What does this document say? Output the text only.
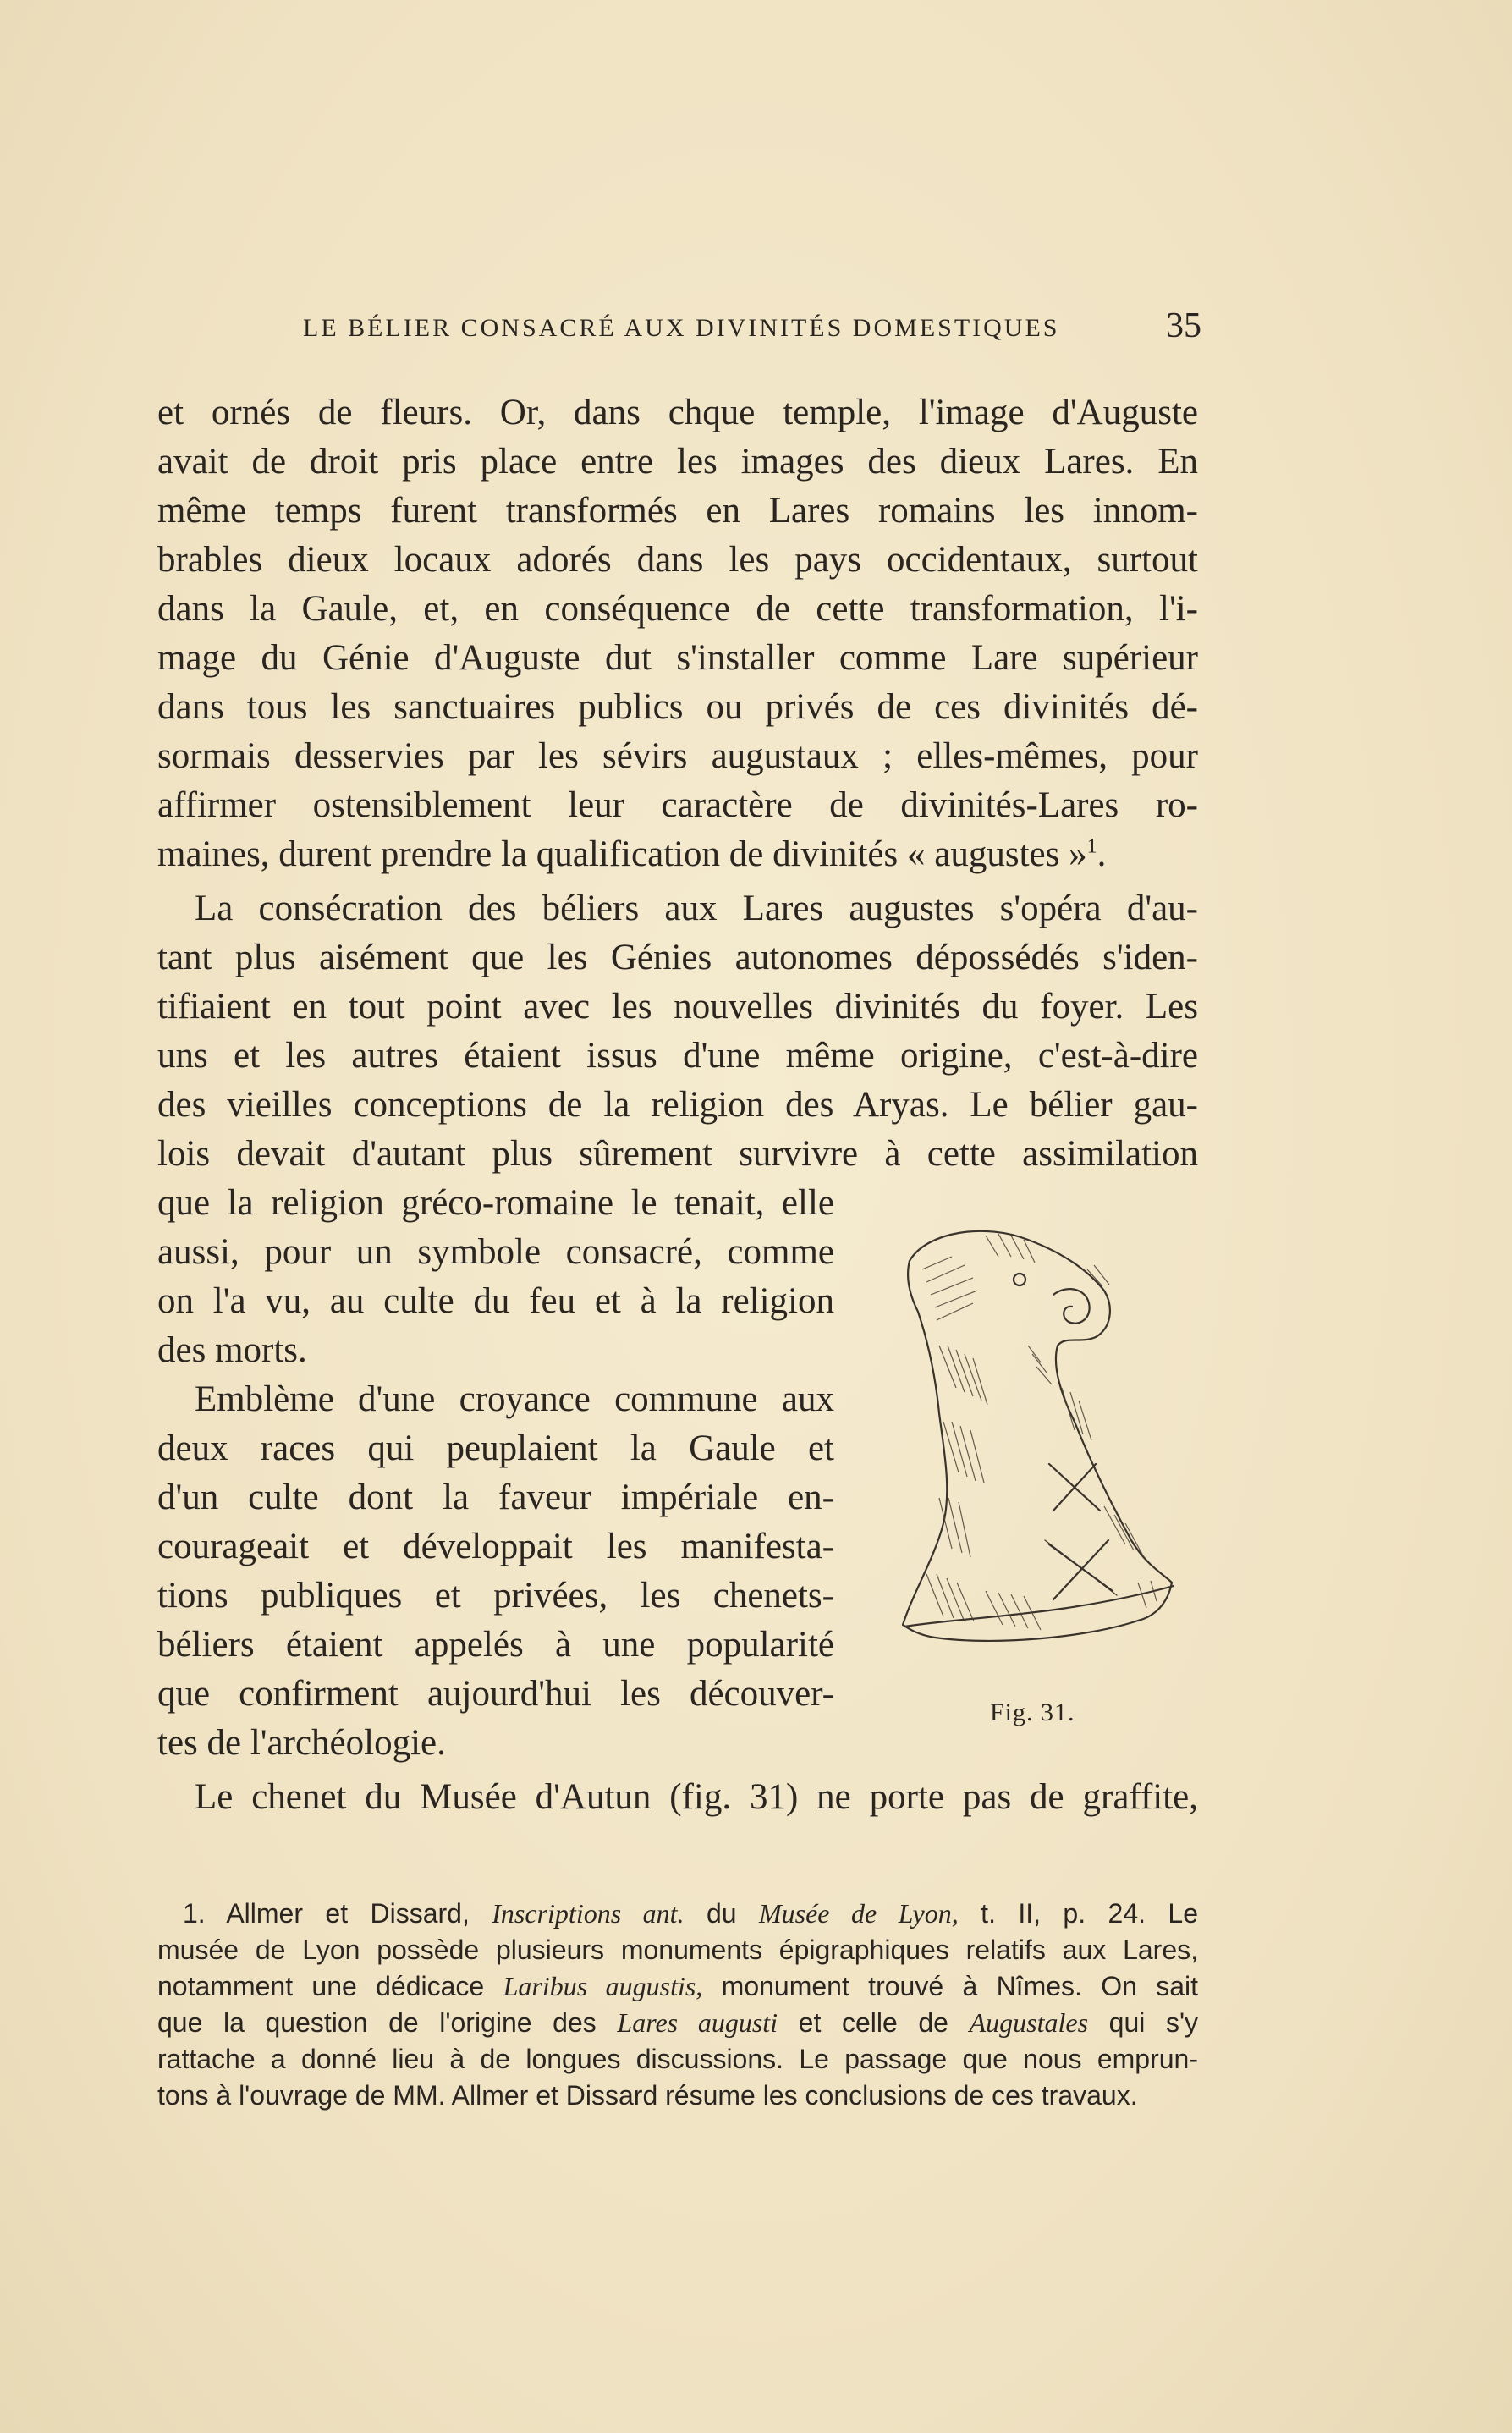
LE BÉLIER CONSACRÉ AUX DIVINITÉS DOMESTIQUES	35
et ornés de fleurs. Or, dans chque temple, l'image d'Auguste
avait de droit pris place entre les images des dieux Lares. En
même temps furent transformés en Lares romains les innom-
brables dieux locaux adorés dans les pays occidentaux, surtout
dans la Gaule, et, en conséquence de cette transformation, l'i-
mage du Génie d'Auguste dut s'installer comme Lare supérieur
dans tous les sanctuaires publics ou privés de ces divinités dé-
sormais desservies par les sévirs augustaux ; elles-mêmes, pour
affirmer ostensiblement leur caractère de divinités-Lares ro-
maines, durent prendre la qualification de divinités « augustes »$^1$.
La consécration des béliers aux Lares augustes s'opéra d'au-
tant plus aisément que les Génies autonomes dépossédés s'iden-
tifiaient en tout point avec les nouvelles divinités du foyer. Les
uns et les autres étaient issus d'une même origine, c'est-à-dire
des vieilles conceptions de la religion des Aryas. Le bélier gau-
lois devait d'autant plus sûrement survivre à cette assimilation
que la religion gréco-romaine le tenait, elle
aussi, pour un symbole consacré, comme
on l'a vu, au culte du feu et à la religion
des morts.
Emblème d'une croyance commune aux
deux races qui peuplaient la Gaule et
d'un culte dont la faveur impériale en-
courageait et développait les manifesta-
tions publiques et privées, les chenets-
béliers étaient appelés à une popularité
que confirment aujourd'hui les découver-
tes de l'archéologie.
Le chenet du Musée d'Autun (fig. 31) ne porte pas de graffite,
Fig. 31.
1. Allmer et Dissard, Inscriptions ant. du Musée de Lyon, t. II, p. 24. Le
musée de Lyon possède plusieurs monuments épigraphiques relatifs aux Lares,
notamment une dédicace Laribus augustis, monument trouvé à Nîmes. On sait
que la question de l'origine des Lares augusti et celle de Augustales qui s'y
rattache a donné lieu à de longues discussions. Le passage que nous emprun-
tons à l'ouvrage de MM. Allmer et Dissard résume les conclusions de ces travaux.
